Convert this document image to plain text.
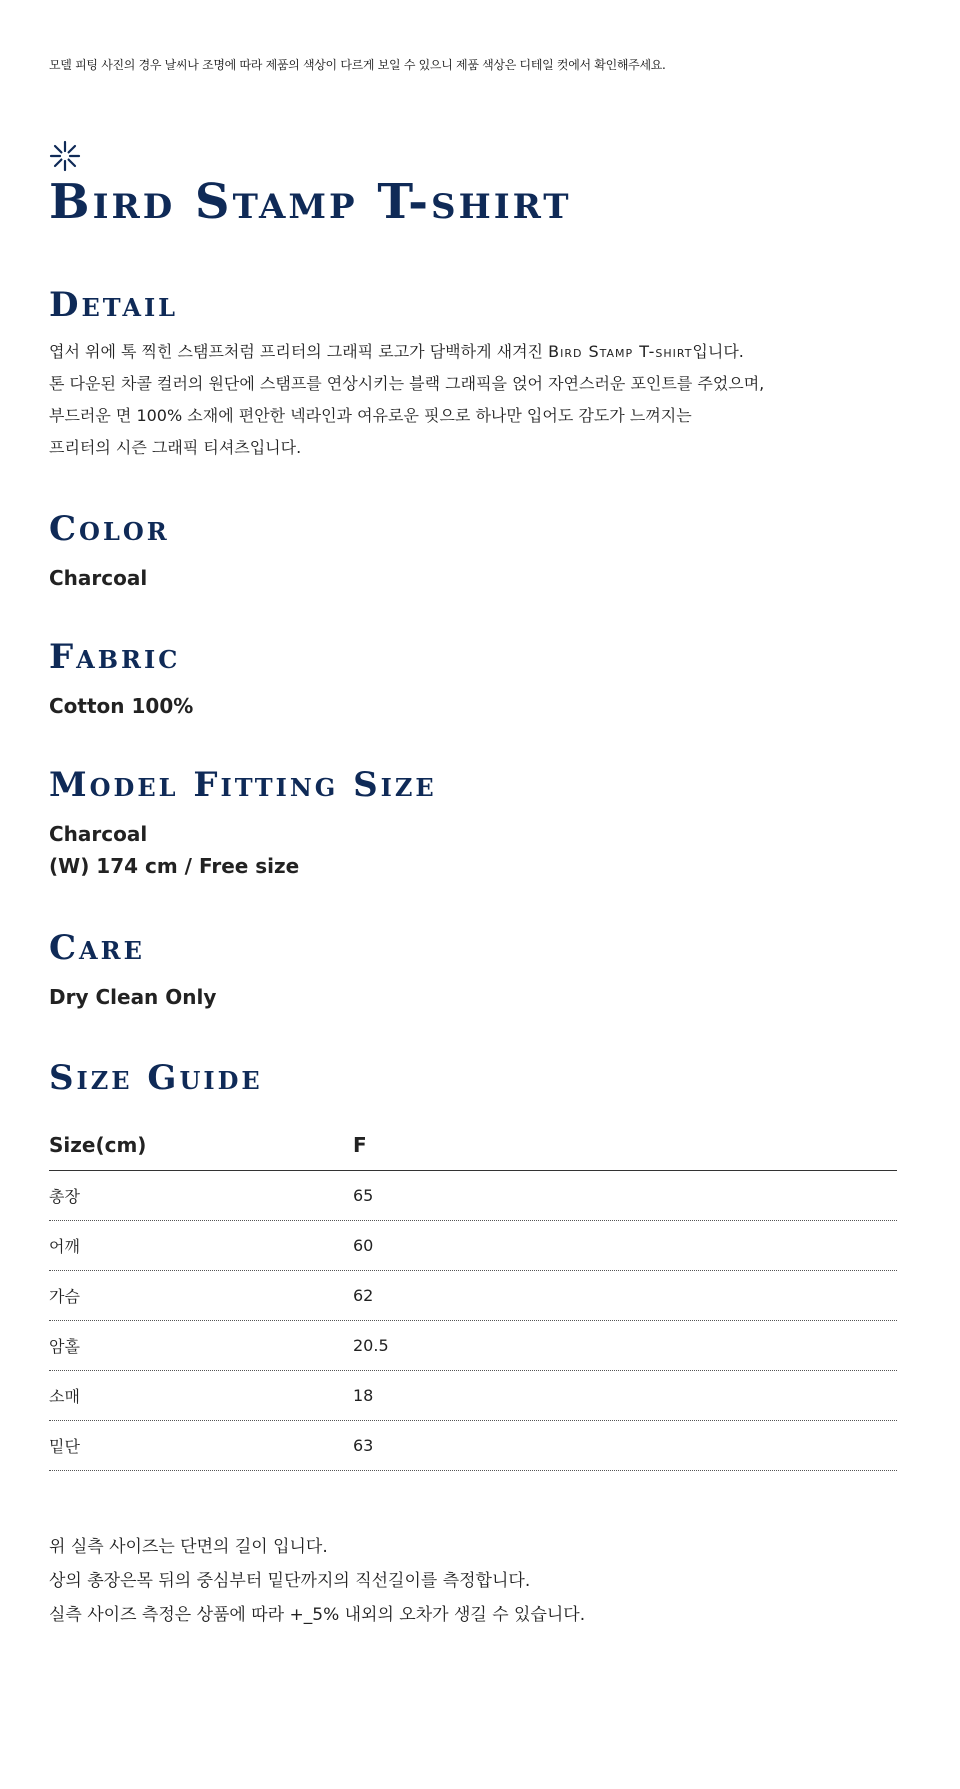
모델 피팅 사진의 경우 날씨나 조명에 따라 제품의 색상이 다르게 보일 수 있으니 제품 색상은 디테일 컷에서 확인해주세요.
Bird Stamp T-shirt
Detail
엽서 위에 톡 찍힌 스탬프처럼 프리터의 그래픽 로고가 담백하게 새겨진 Bird Stamp T-shirt입니다.
톤 다운된 차콜 컬러의 원단에 스탬프를 연상시키는 블랙 그래픽을 얹어 자연스러운 포인트를 주었으며,
부드러운 면 100% 소재에 편안한 넥라인과 여유로운 핏으로 하나만 입어도 감도가 느껴지는
프리터의 시즌 그래픽 티셔츠입니다.
Color
Charcoal
Fabric
Cotton 100%
Model Fitting Size
Charcoal
(W) 174 cm / Free size
Care
Dry Clean Only
Size Guide
Size(cm)	F
총장	65
어깨	60
가슴	62
암홀	20.5
소매	18
밑단	63
위 실측 사이즈는 단면의 길이 입니다.
상의 총장은목 뒤의 중심부터 밑단까지의 직선길이를 측정합니다.
실측 사이즈 측정은 상품에 따라 +_5% 내외의 오차가 생길 수 있습니다.
